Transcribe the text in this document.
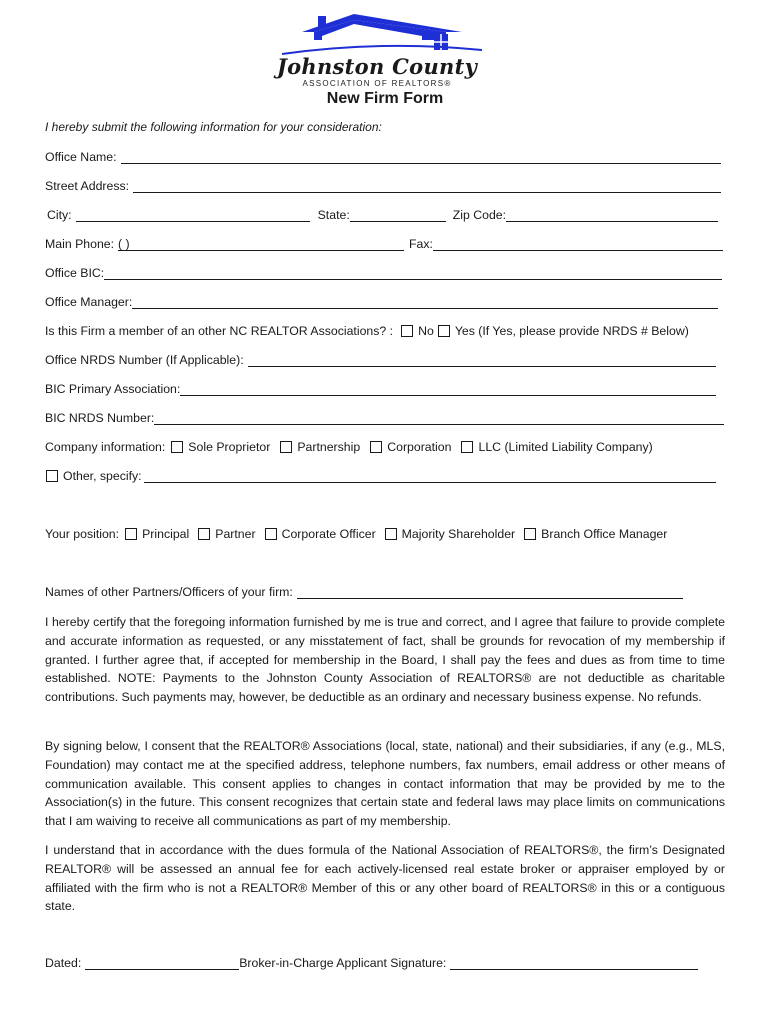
Johnston County
ASSOCIATION OF REALTORS®
New Firm Form
I hereby submit the following information for your consideration:
Office Name:
Street Address:
City:	State:	Zip Code:
Main Phone: ( )	Fax:
Office BIC:
Office Manager:
Is this Firm a member of an other NC REALTOR Associations? : No Yes (If Yes, please provide NRDS # Below)
Office NRDS Number (If Applicable):
BIC Primary Association:
BIC NRDS Number:
Company information: Sole Proprietor Partnership Corporation LLC (Limited Liability Company)
Other, specify:
Your position: Principal Partner Corporate Officer Majority Shareholder Branch Office Manager
Names of other Partners/Officers of your firm:
I hereby certify that the foregoing information furnished by me is true and correct, and I agree that failure to provide complete and accurate information as requested, or any misstatement of fact, shall be grounds for revocation of my membership if granted. I further agree that, if accepted for membership in the Board, I shall pay the fees and dues as from time to time established. NOTE: Payments to the Johnston County Association of REALTORS® are not deductible as charitable contributions. Such payments may, however, be deductible as an ordinary and necessary business expense. No refunds.
By signing below, I consent that the REALTOR® Associations (local, state, national) and their subsidiaries, if any (e.g., MLS, Foundation) may contact me at the specified address, telephone numbers, fax numbers, email address or other means of communication available. This consent applies to changes in contact information that may be provided by me to the Association(s) in the future. This consent recognizes that certain state and federal laws may place limits on communications that I am waiving to receive all communications as part of my membership.
I understand that in accordance with the dues formula of the National Association of REALTORS®, the firm’s Designated REALTOR® will be assessed an annual fee for each actively-licensed real estate broker or appraiser employed by or affiliated with the firm who is not a REALTOR® Member of this or any other board of REALTORS® in this or a contiguous state.
Dated:	Broker-in-Charge Applicant Signature:
